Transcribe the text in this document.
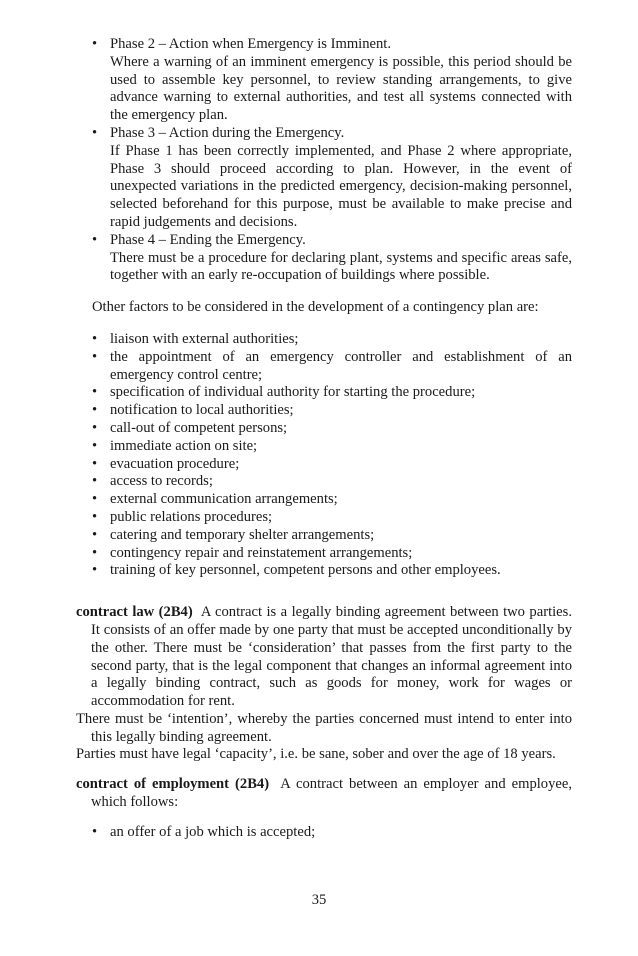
• Phase 2 – Action when Emergency is Imminent.
Where a warning of an imminent emergency is possible, this period should be used to assemble key personnel, to review standing arrangements, to give advance warning to external authorities, and test all systems connected with the emergency plan.
• Phase 3 – Action during the Emergency.
If Phase 1 has been correctly implemented, and Phase 2 where appropriate, Phase 3 should proceed according to plan. However, in the event of unexpected variations in the predicted emergency, decision-making personnel, selected beforehand for this purpose, must be available to make precise and rapid judgements and decisions.
• Phase 4 – Ending the Emergency.
There must be a procedure for declaring plant, systems and specific areas safe, together with an early re-occupation of buildings where possible.

Other factors to be considered in the development of a contingency plan are:

• liaison with external authorities;
• the appointment of an emergency controller and establishment of an emergency control centre;
• specification of individual authority for starting the procedure;
• notification to local authorities;
• call-out of competent persons;
• immediate action on site;
• evacuation procedure;
• access to records;
• external communication arrangements;
• public relations procedures;
• catering and temporary shelter arrangements;
• contingency repair and reinstatement arrangements;
• training of key personnel, competent persons and other employees.
contract law (2B4) A contract is a legally binding agreement between two parties. It consists of an offer made by one party that must be accepted unconditionally by the other. There must be ‘consideration’ that passes from the first party to the second party, that is the legal component that changes an informal agreement into a legally binding contract, such as goods for money, work for wages or accommodation for rent.
There must be ‘intention’, whereby the parties concerned must intend to enter into this legally binding agreement.
Parties must have legal ‘capacity’, i.e. be sane, sober and over the age of 18 years.
contract of employment (2B4) A contract between an employer and employee, which follows:
• an offer of a job which is accepted;
35
